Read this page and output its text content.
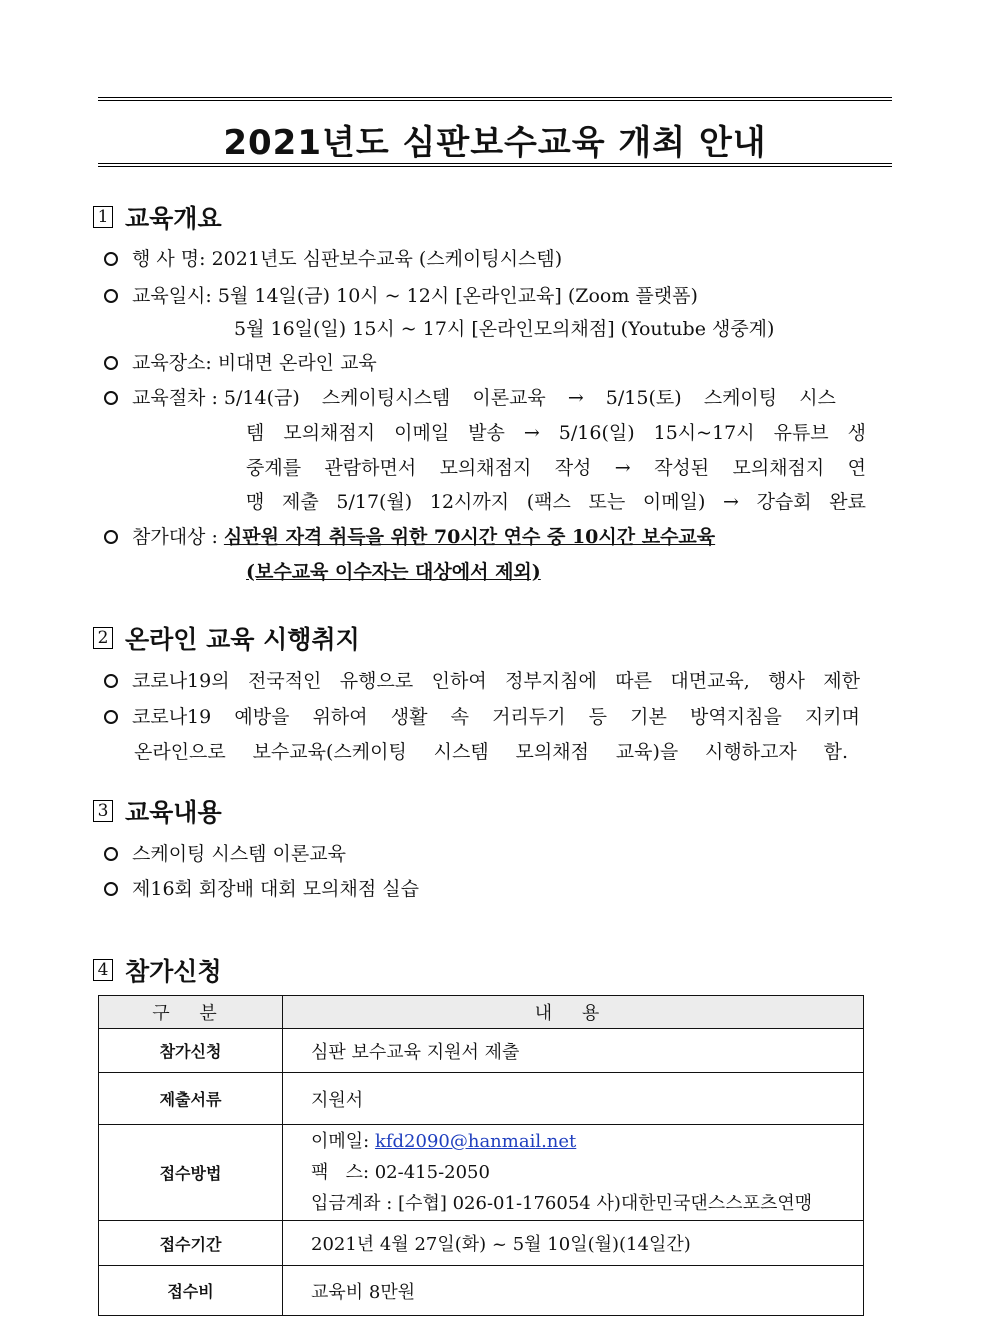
2021년도 심판보수교육 개최 안내
1 교육개요
행 사 명: 2021년도 심판보수교육 (스케이팅시스템)
교육일시: 5월 14일(금) 10시 ~ 12시 [온라인교육] (Zoom 플랫폼)
5월 16일(일) 15시 ~ 17시 [온라인모의채점] (Youtube 생중계)
교육장소: 비대면 온라인 교육
교육절차 : 5/14(금) 스케이팅시스템 이론교육 → 5/15(토) 스케이팅 시스
템 모의채점지 이메일 발송 → 5/16(일) 15시~17시 유튜브 생
중계를 관람하면서 모의채점지 작성 → 작성된 모의채점지 연
맹 제출 5/17(월) 12시까지 (팩스 또는 이메일) → 강습회 완료
참가대상 : 심판원 자격 취득을 위한 70시간 연수 중 10시간 보수교육
(보수교육 이수자는 대상에서 제외)
2 온라인 교육 시행취지
코로나19의 전국적인 유행으로 인하여 정부지침에 따른 대면교육, 행사 제한
코로나19 예방을 위하여 생활 속 거리두기 등 기본 방역지침을 지키며
온라인으로 보수교육(스케이팅 시스템 모의채점 교육)을 시행하고자 함.
3 교육내용
스케이팅 시스템 이론교육
제16회 회장배 대회 모의채점 실습
4 참가신청
구 분	내 용
참가신청	심판 보수교육 지원서 제출
제출서류	지원서
접수방법	이메일: kfd2090@hanmail.net
팩   스: 02-415-2050
입금계좌 : [수협] 026-01-176054 사)대한민국댄스스포츠연맹

접수기간	2021년 4월 27일(화) ~ 5월 10일(월)(14일간)
접수비	교육비 8만원
